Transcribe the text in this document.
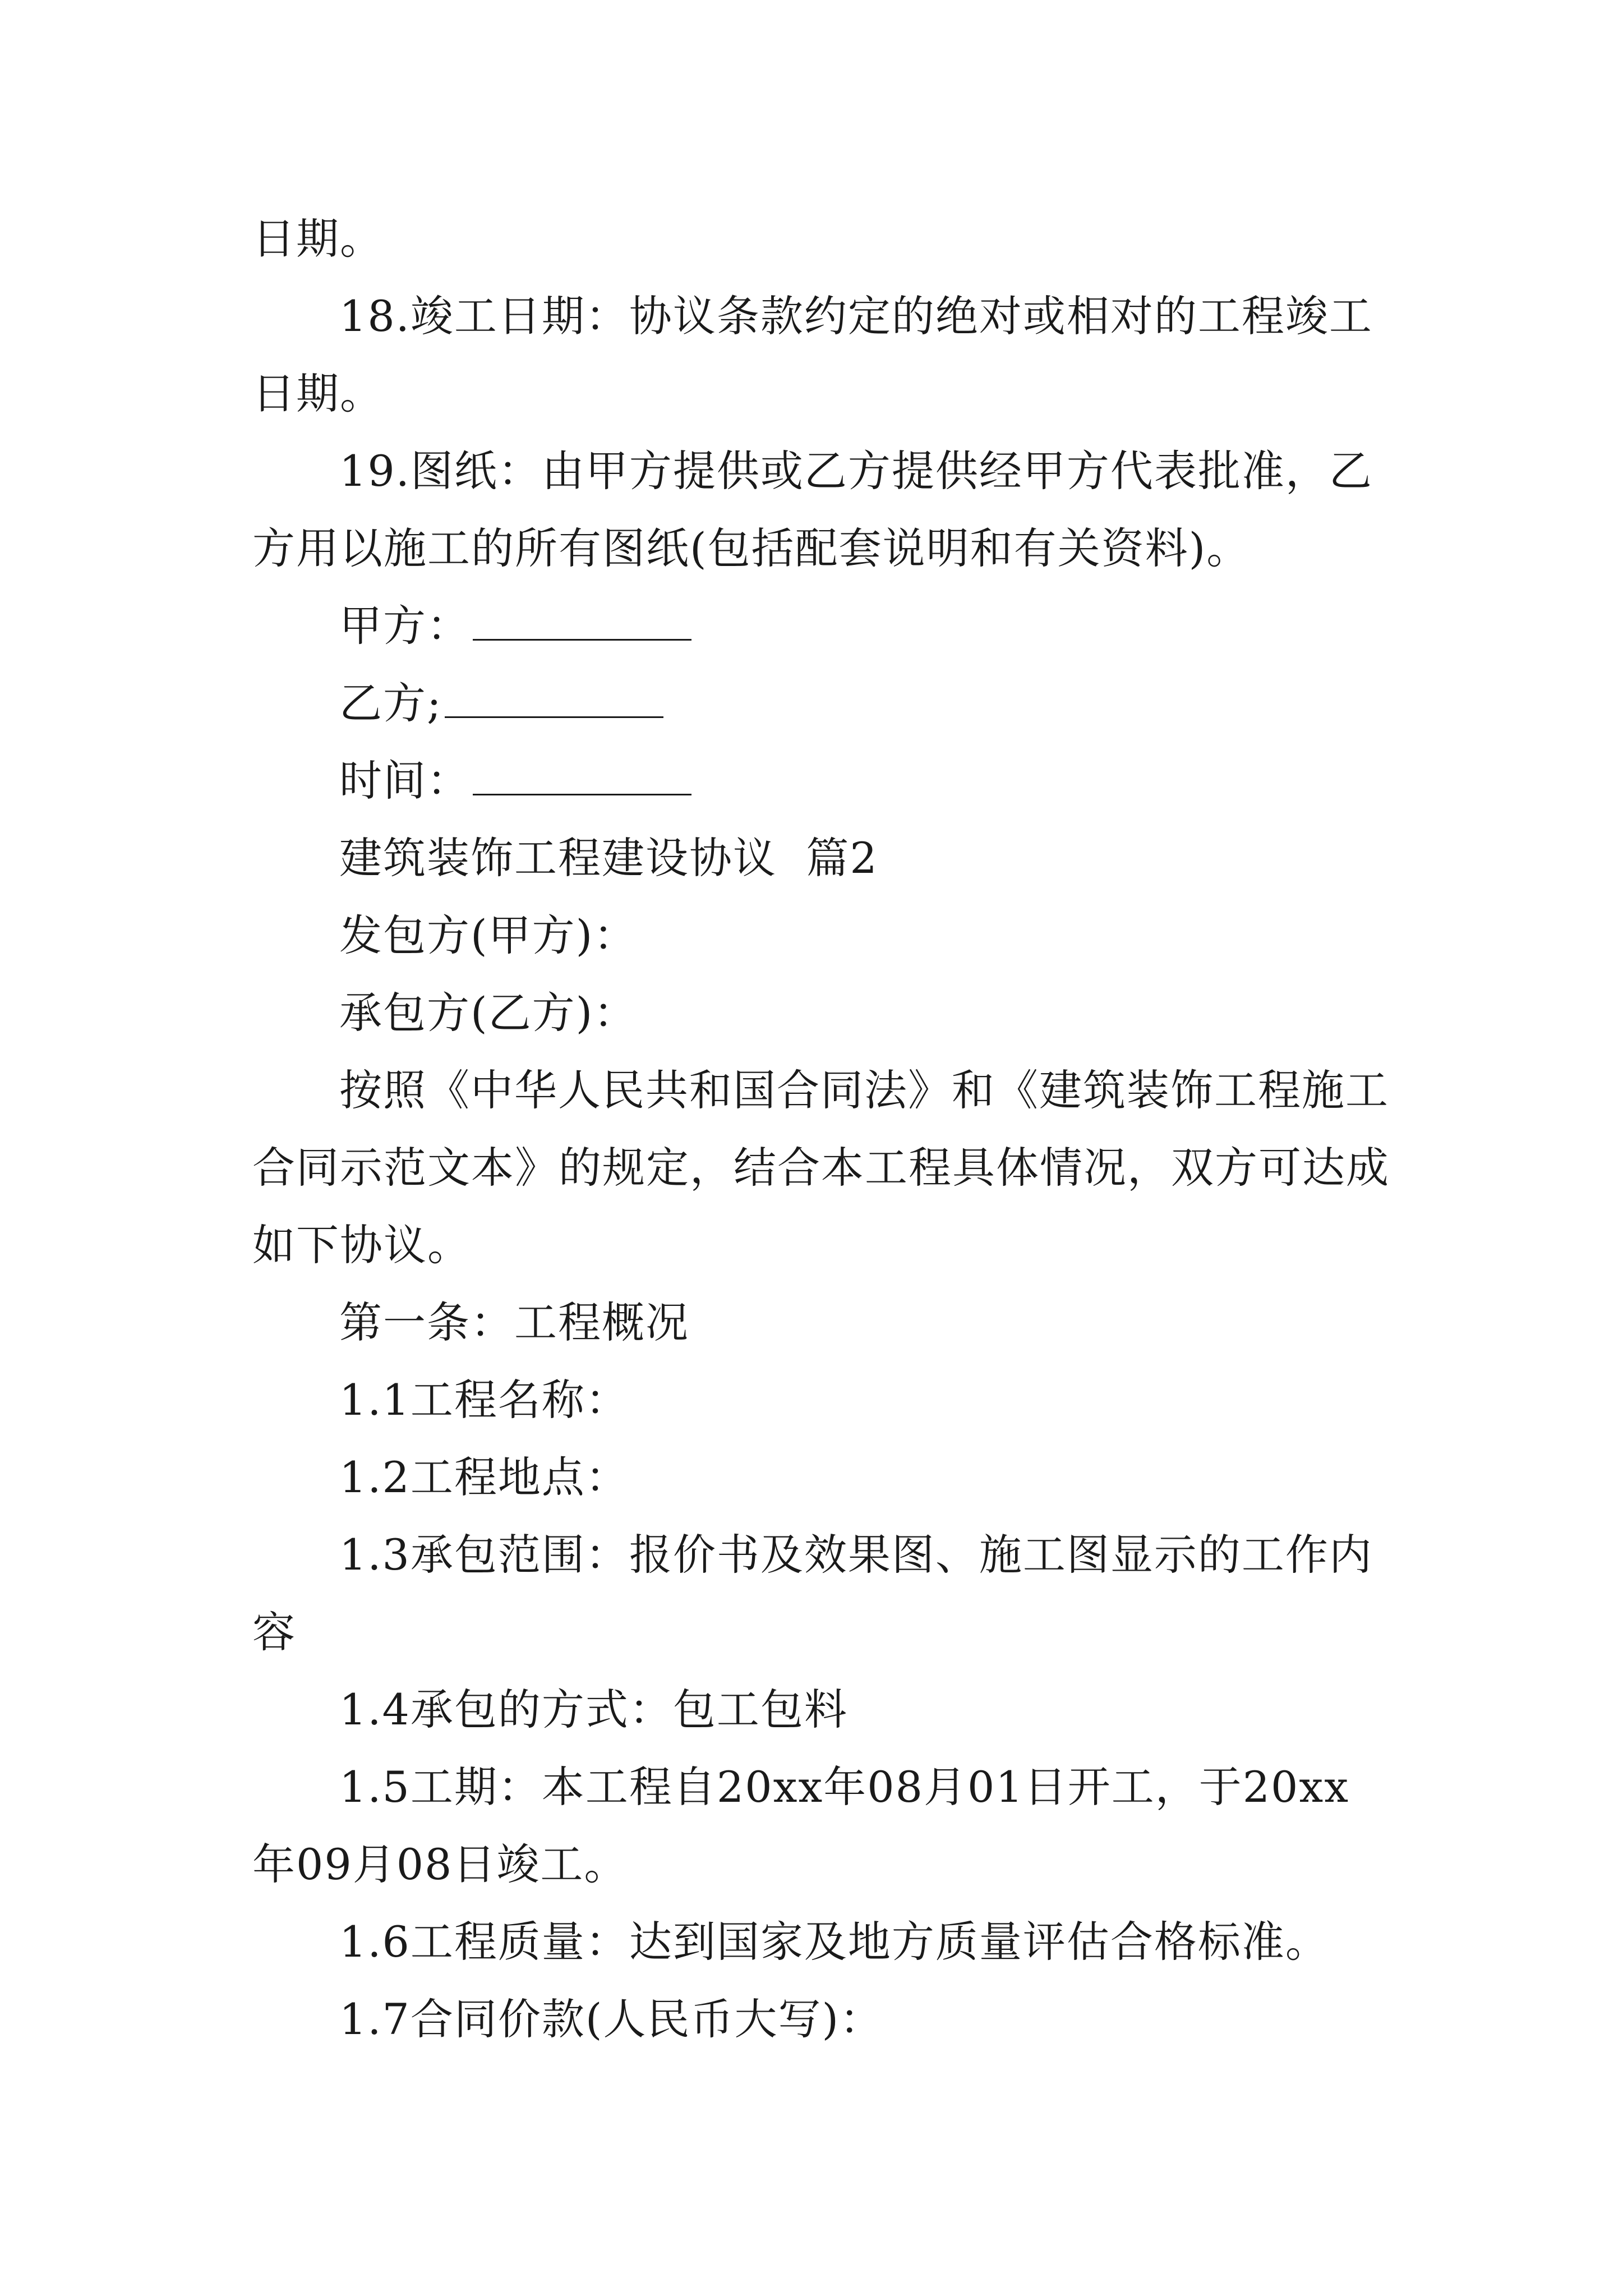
日期。
18.竣工日期：协议条款约定的绝对或相对的工程竣工
日期。
19.图纸：由甲方提供或乙方提供经甲方代表批准，乙
方用以施工的所有图纸(包括配套说明和有关资料)。
甲方：
乙方;
时间：
建筑装饰工程建设协议  篇2
发包方(甲方)：
承包方(乙方)：
按照《中华人民共和国合同法》和《建筑装饰工程施工
合同示范文本》的规定，结合本工程具体情况，双方可达成
如下协议。
第一条：工程概况
1.1工程名称：
1.2工程地点：
1.3承包范围：报价书及效果图、施工图显示的工作内
容
1.4承包的方式：包工包料
1.5工期：本工程自20xx年08月01日开工，于20xx
年09月08日竣工。
1.6工程质量：达到国家及地方质量评估合格标准。
1.7合同价款(人民币大写)：
